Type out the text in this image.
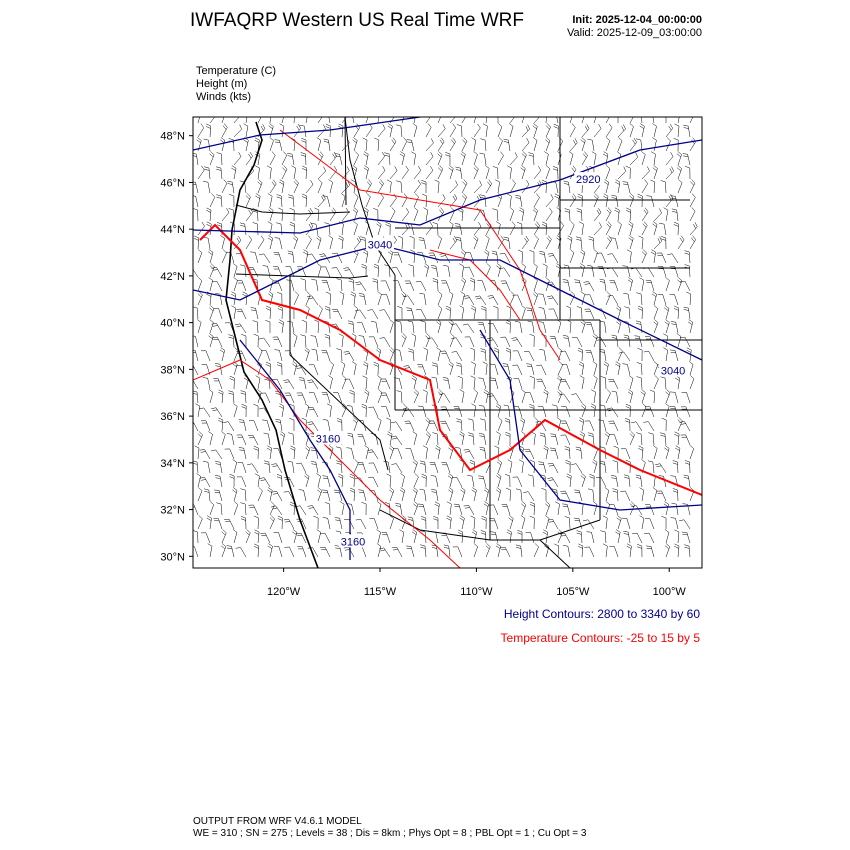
IWFAQRP Western US Real Time WRF	Init: 2025-12-04_00:00:00
Valid: 2025-12-09_03:00:00
Temperature (C)
Height (m)
Winds (kts)
48°N
46°N
44°N
42°N
40°N
38°N
36°N
34°N
32°N
30°N
120°W	115°W	110°W	105°W	100°W
2920
3040
3040
3160
3160
Height Contours: 2800 to 3340 by 60
Temperature Contours: -25 to 15 by 5
OUTPUT FROM WRF V4.6.1 MODEL
WE = 310 ; SN = 275 ; Levels = 38 ; Dis = 8km ; Phys Opt = 8 ; PBL Opt = 1 ; Cu Opt = 3
